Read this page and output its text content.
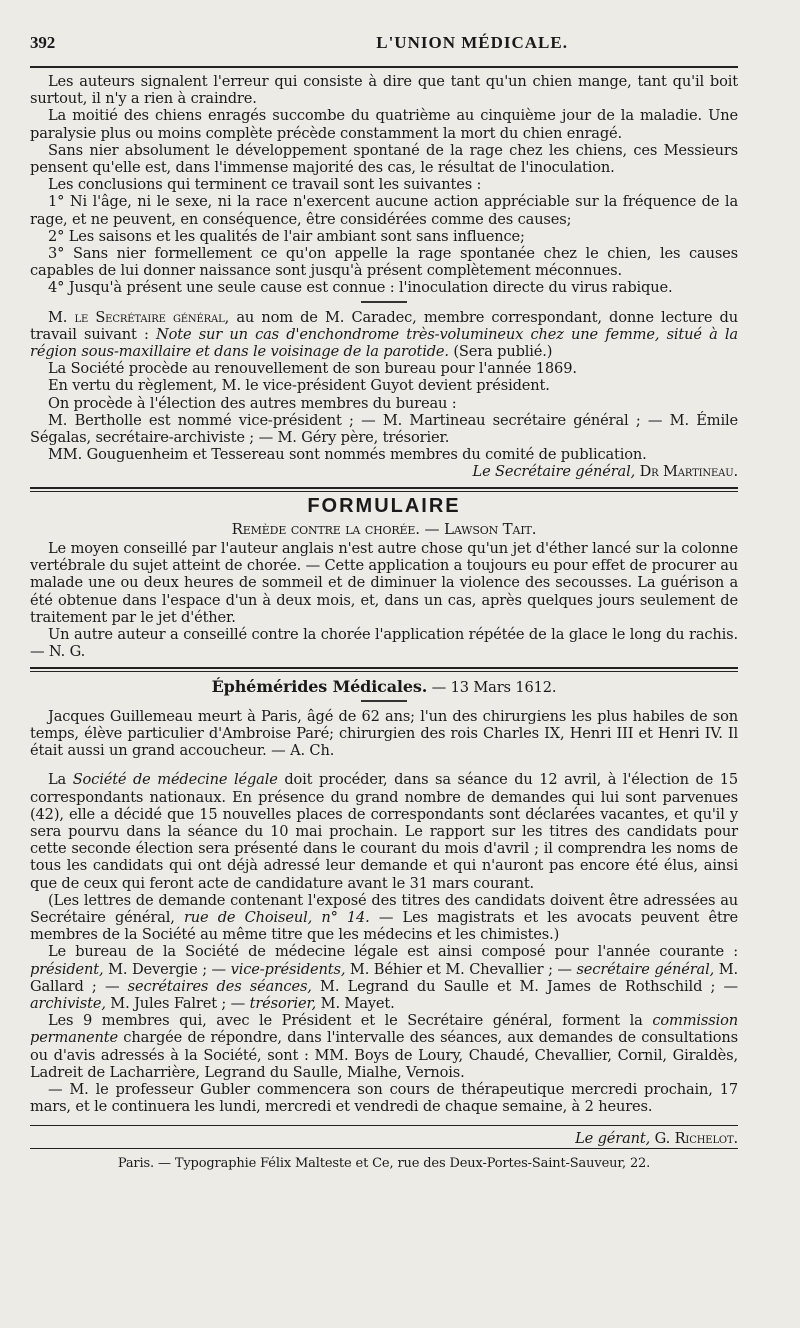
392	L'UNION MÉDICALE.

Les auteurs signalent l'erreur qui consiste à dire que tant qu'un chien mange, tant qu'il boit surtout, il n'y a rien à craindre.

La moitié des chiens enragés succombe du quatrième au cinquième jour de la maladie. Une paralysie plus ou moins complète précède constamment la mort du chien enragé.

Sans nier absolument le développement spontané de la rage chez les chiens, ces Messieurs pensent qu'elle est, dans l'immense majorité des cas, le résultat de l'inoculation.

Les conclusions qui terminent ce travail sont les suivantes :

1° Ni l'âge, ni le sexe, ni la race n'exercent aucune action appréciable sur la fréquence de la rage, et ne peuvent, en conséquence, être considérées comme des causes;

2° Les saisons et les qualités de l'air ambiant sont sans influence;

3° Sans nier formellement ce qu'on appelle la rage spontanée chez le chien, les causes capables de lui donner naissance sont jusqu'à présent complètement méconnues.

4° Jusqu'à présent une seule cause est connue : l'inoculation directe du virus rabique.

M. le Secrétaire général, au nom de M. Caradec, membre correspondant, donne lecture du travail suivant : Note sur un cas d'enchondrome très-volumineux chez une femme, situé à la région sous-maxillaire et dans le voisinage de la parotide. (Sera publié.)

La Société procède au renouvellement de son bureau pour l'année 1869.

En vertu du règlement, M. le vice-président Guyot devient président.

On procède à l'élection des autres membres du bureau :

M. Bertholle est nommé vice-président ; — M. Martineau secrétaire général ; — M. Émile Ségalas, secrétaire-archiviste ; — M. Géry père, trésorier.

MM. Gouguenheim et Tessereau sont nommés membres du comité de publication.

Le Secrétaire général, Dr Martineau.

FORMULAIRE
Remède contre la chorée. — Lawson Tait.

Le moyen conseillé par l'auteur anglais n'est autre chose qu'un jet d'éther lancé sur la colonne vertébrale du sujet atteint de chorée. — Cette application a toujours eu pour effet de procurer au malade une ou deux heures de sommeil et de diminuer la violence des secousses. La guérison a été obtenue dans l'espace d'un à deux mois, et, dans un cas, après quelques jours seulement de traitement par le jet d'éther.

Un autre auteur a conseillé contre la chorée l'application répétée de la glace le long du rachis. — N. G.

Éphémérides Médicales. — 13 Mars 1612.

Jacques Guillemeau meurt à Paris, âgé de 62 ans; l'un des chirurgiens les plus habiles de son temps, élève particulier d'Ambroise Paré; chirurgien des rois Charles IX, Henri III et Henri IV. Il était aussi un grand accoucheur. — A. Ch.

La Société de médecine légale doit procéder, dans sa séance du 12 avril, à l'élection de 15 correspondants nationaux. En présence du grand nombre de demandes qui lui sont parvenues (42), elle a décidé que 15 nouvelles places de correspondants sont déclarées vacantes, et qu'il y sera pourvu dans la séance du 10 mai prochain. Le rapport sur les titres des candidats pour cette seconde élection sera présenté dans le courant du mois d'avril ; il comprendra les noms de tous les candidats qui ont déjà adressé leur demande et qui n'auront pas encore été élus, ainsi que de ceux qui feront acte de candidature avant le 31 mars courant.

(Les lettres de demande contenant l'exposé des titres des candidats doivent être adressées au Secrétaire général, rue de Choiseul, n° 14. — Les magistrats et les avocats peuvent être membres de la Société au même titre que les médecins et les chimistes.)

Le bureau de la Société de médecine légale est ainsi composé pour l'année courante : président, M. Devergie ; — vice-présidents, M. Béhier et M. Chevallier ; — secrétaire général, M. Gallard ; — secrétaires des séances, M. Legrand du Saulle et M. James de Rothschild ; — archiviste, M. Jules Falret ; — trésorier, M. Mayet.

Les 9 membres qui, avec le Président et le Secrétaire général, forment la commission permanente chargée de répondre, dans l'intervalle des séances, aux demandes de consultations ou d'avis adressés à la Société, sont : MM. Boys de Loury, Chaudé, Chevallier, Cornil, Giraldès, Ladreit de Lacharrière, Legrand du Saulle, Mialhe, Vernois.

— M. le professeur Gubler commencera son cours de thérapeutique mercredi prochain, 17 mars, et le continuera les lundi, mercredi et vendredi de chaque semaine, à 2 heures.

Le gérant, G. Richelot.

Paris. — Typographie Félix Malteste et Ce, rue des Deux-Portes-Saint-Sauveur, 22.
